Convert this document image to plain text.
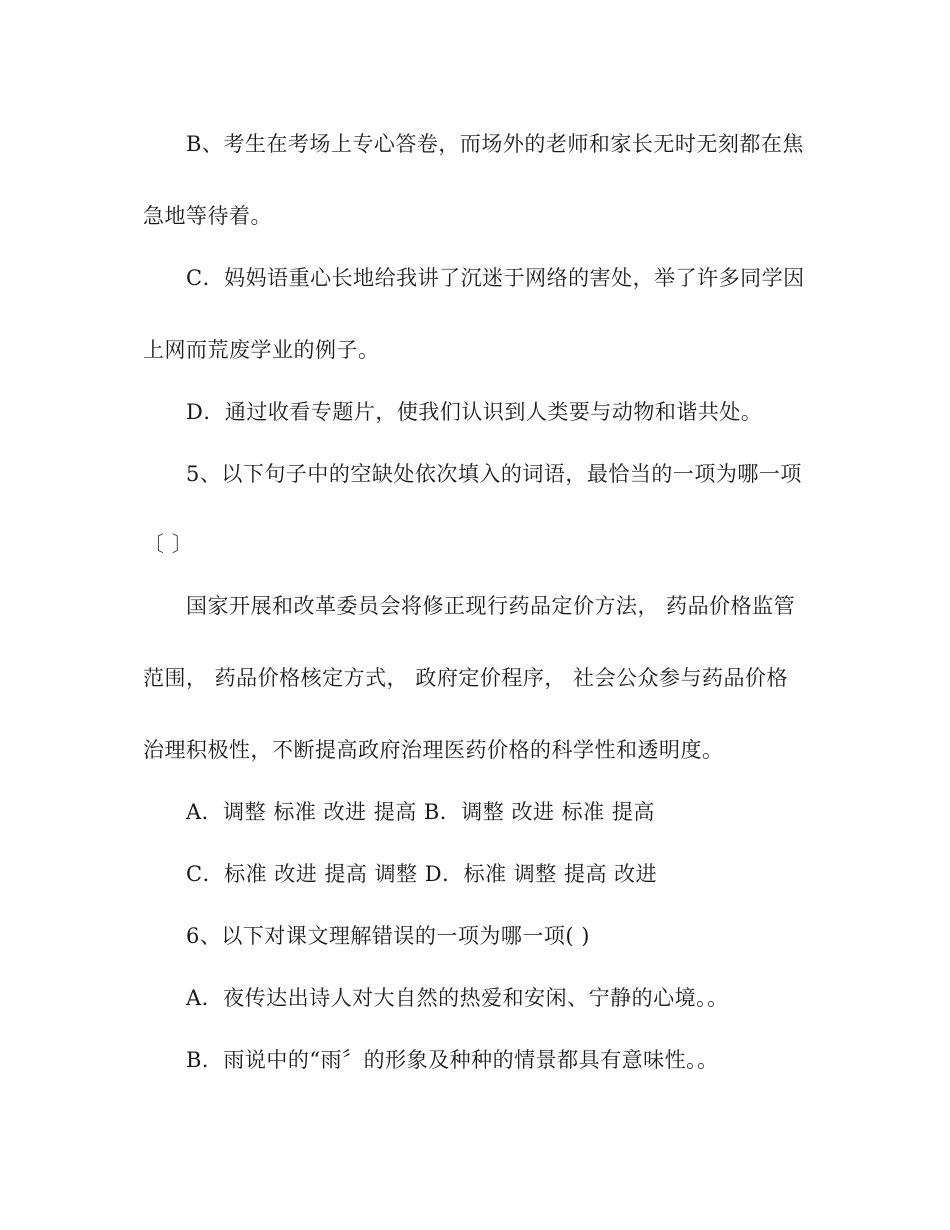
B、考生在考场上专心答卷，而场外的老师和家长无时无刻都在焦
急地等待着。
C．妈妈语重心长地给我讲了沉迷于网络的害处，举了许多同学因
上网而荒废学业的例子。
D．通过收看专题片，使我们认识到人类要与动物和谐共处。
5、以下句子中的空缺处依次填入的词语，最恰当的一项为哪一项
〔 〕
国家开展和改革委员会将修正现行药品定价方法， 药品价格监管
范围， 药品价格核定方式， 政府定价程序， 社会公众参与药品价格
治理积极性，不断提高政府治理医药价格的科学性和透明度。
A．调整 标准 改进 提高 B．调整 改进 标准 提高
C．标准 改进 提高 调整 D．标准 调整 提高 改进
6、以下对课文理解错误的一项为哪一项( )
A．夜传达出诗人对大自然的热爱和安闲、宁静的心境。。
B．雨说中的“雨〞的形象及种种的情景都具有意味性。。
